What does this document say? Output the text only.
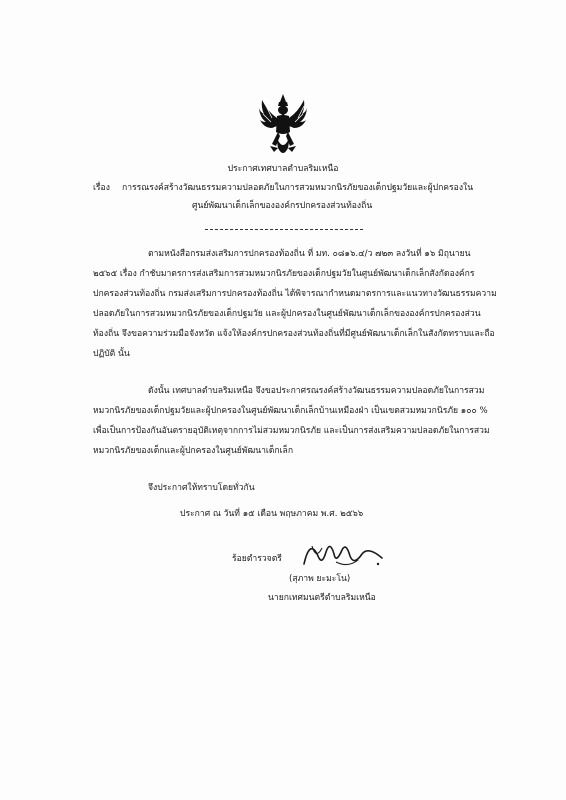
ประกาศเทศบาลตำบลริมเหนือ
เรื่อง การรณรงค์สร้างวัฒนธรรมความปลอดภัยในการสวมหมวกนิรภัยของเด็กปฐมวัยและผู้ปกครองใน
ศูนย์พัฒนาเด็กเล็กขององค์กรปกครองส่วนท้องถิ่น
ตามหนังสือกรมส่งเสริมการปกครองท้องถิ่น ที่ มท. ๐๘๑๖.๔/ว ๗๒๓ ลงวันที่ ๑๖ มิถุนายน
๒๕๖๕ เรื่อง กำชับมาตรการส่งเสริมการสวมหมวกนิรภัยของเด็กปฐมวัยในศูนย์พัฒนาเด็กเล็กสังกัดองค์กร
ปกครองส่วนท้องถิ่น กรมส่งเสริมการปกครองท้องถิ่น ได้พิจารณากำหนดมาตรการและแนวทางวัฒนธรรมความ
ปลอดภัยในการสวมหมวกนิรภัยของเด็กปฐมวัย และผู้ปกครองในศูนย์พัฒนาเด็กเล็กขององค์กรปกครองส่วน
ท้องถิ่น จึงขอความร่วมมือจังหวัด แจ้งให้องค์กรปกครองส่วนท้องถิ่นที่มีศูนย์พัฒนาเด็กเล็กในสังกัดทราบและถือ
ปฏิบัติ นั้น
ดังนั้น เทศบาลตำบลริมเหนือ จึงขอประกาศรณรงค์สร้างวัฒนธรรมความปลอดภัยในการสวม
หมวกนิรภัยของเด็กปฐมวัยและผู้ปกครองในศูนย์พัฒนาเด็กเล็กบ้านเหมืองฝ่า เป็นเขตสวมหมวกนิรภัย ๑๐๐ %
เพื่อเป็นการป้องกันอันตรายอุบัติเหตุจากการไม่สวมหมวกนิรภัย และเป็นการส่งเสริมความปลอดภัยในการสวม
หมวกนิรภัยของเด็กและผู้ปกครองในศูนย์พัฒนาเด็กเล็ก
จึงประกาศให้ทราบโดยทั่วกัน
ประกาศ ณ วันที่ ๑๕ เดือน พฤษภาคม พ.ศ. ๒๕๖๖
ร้อยตำรวจตรี
(สุภาพ ยะมะโน)
นายกเทศมนตรีตำบลริมเหนือ
